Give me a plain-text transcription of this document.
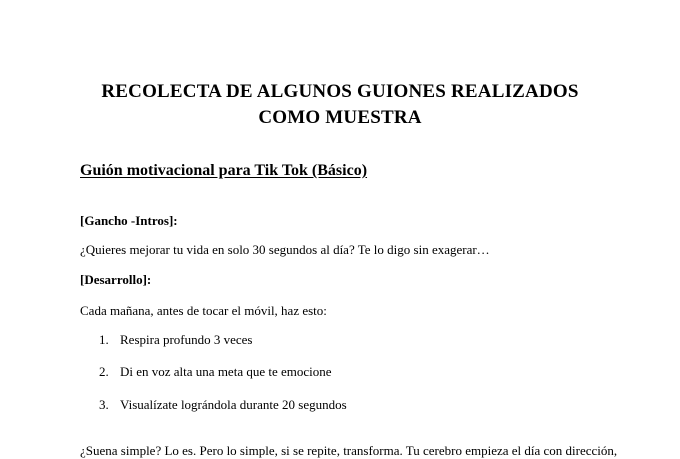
RECOLECTA DE ALGUNOS GUIONES REALIZADOS
COMO MUESTRA
Guión motivacional para Tik Tok (Básico)
[Gancho -Intros]:
¿Quieres mejorar tu vida en solo 30 segundos al día? Te lo digo sin exagerar…
[Desarrollo]:
Cada mañana, antes de tocar el móvil, haz esto:
1. Respira profundo 3 veces
2. Di en voz alta una meta que te emocione
3. Visualízate lográndola durante 20 segundos
¿Suena simple? Lo es. Pero lo simple, si se repite, transforma. Tu cerebro empieza el día con dirección,
